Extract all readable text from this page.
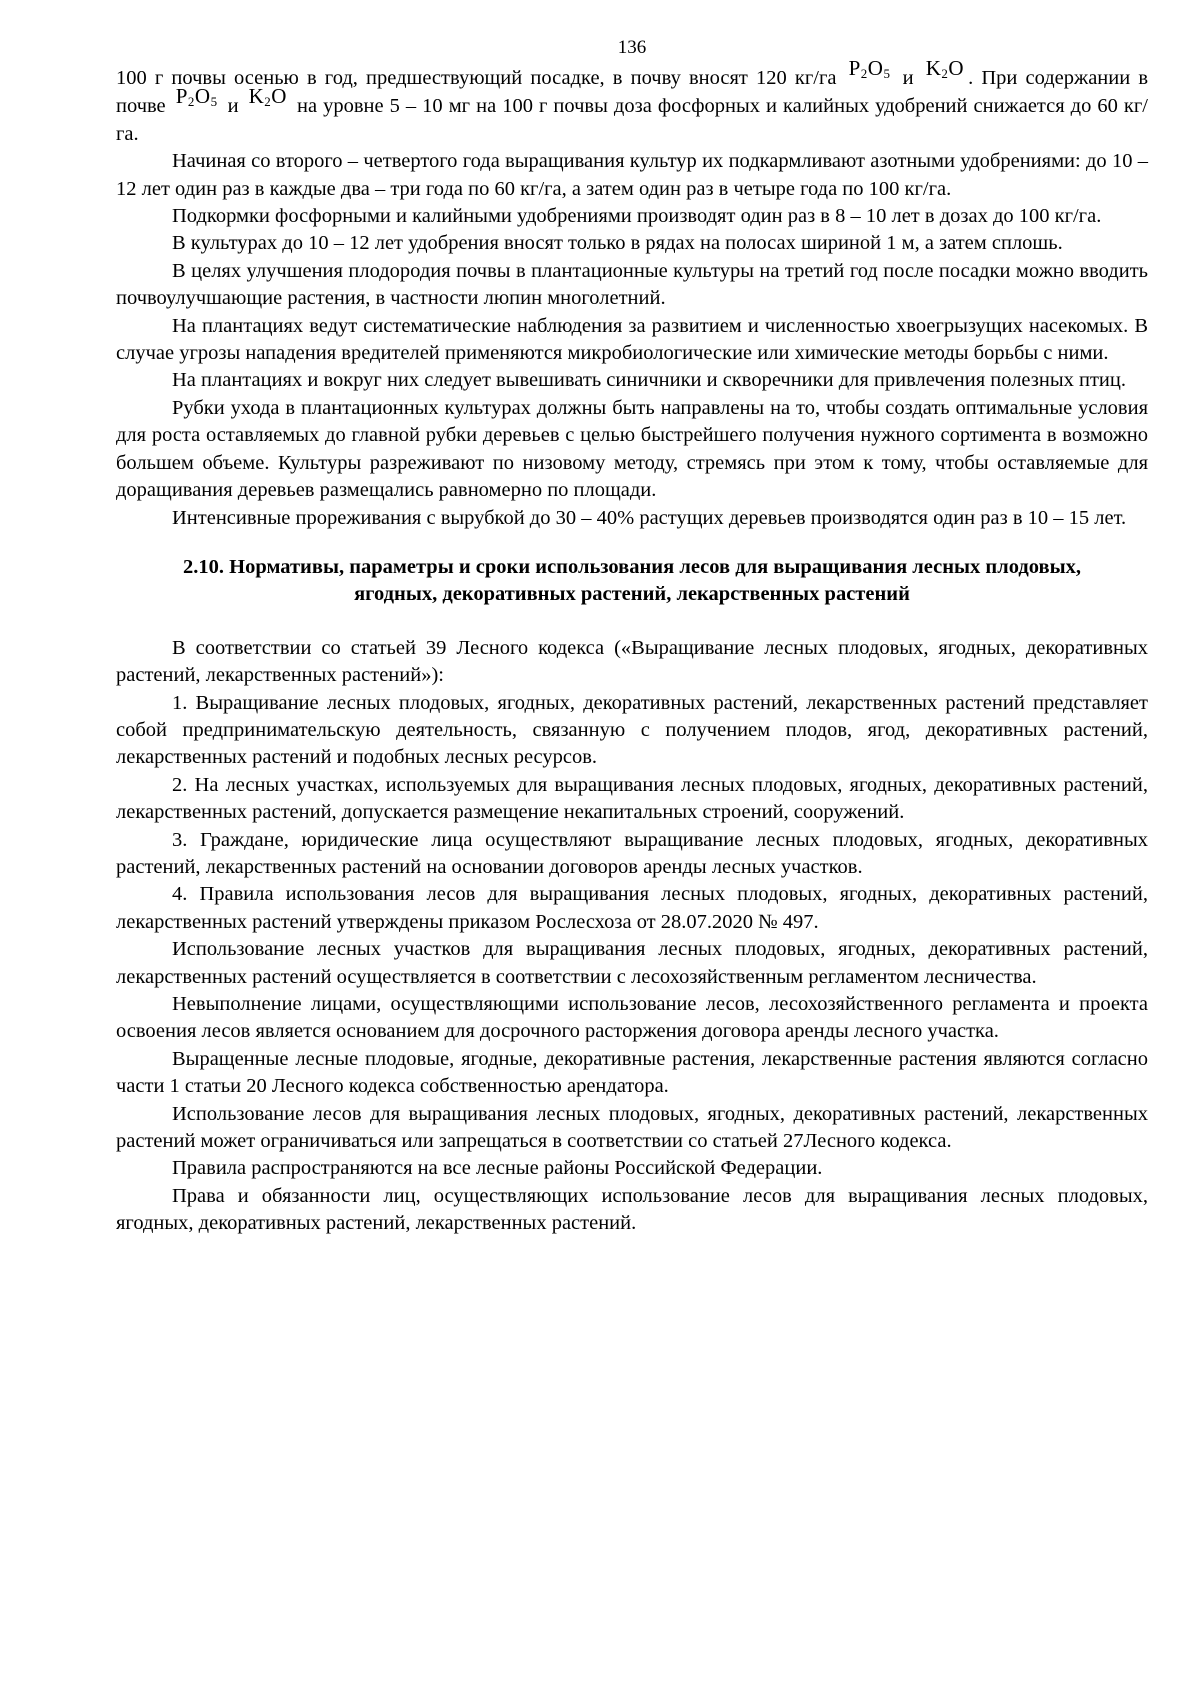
136

100 г почвы осенью в год, предшествующий посадке, в почву вносят 120 кг/га $P_2O_5$ и $K_2O$ . При содержании в почве $P_2O_5$ и $K_2O$ на уровне 5 – 10 мг на 100 г почвы доза фосфорных и калийных удобрений снижается до 60 кг/га.

Начиная со второго – четвертого года выращивания культур их подкармливают азотными удобрениями: до 10 – 12 лет один раз в каждые два – три года по 60 кг/га, а затем один раз в четыре года по 100 кг/га.

Подкормки фосфорными и калийными удобрениями производят один раз в 8 – 10 лет в дозах до 100 кг/га.

В культурах до 10 – 12 лет удобрения вносят только в рядах на полосах шириной 1 м, а затем сплошь.

В целях улучшения плодородия почвы в плантационные культуры на третий год после посадки можно вводить почвоулучшающие растения, в частности люпин многолетний.

На плантациях ведут систематические наблюдения за развитием и численностью хвоегрызущих насекомых. В случае угрозы нападения вредителей применяются микробиологические или химические методы борьбы с ними.

На плантациях и вокруг них следует вывешивать синичники и скворечники для привлечения полезных птиц.

Рубки ухода в плантационных культурах должны быть направлены на то, чтобы создать оптимальные условия для роста оставляемых до главной рубки деревьев с целью быстрейшего получения нужного сортимента в возможно большем объеме. Культуры разреживают по низовому методу, стремясь при этом к тому, чтобы оставляемые для доращивания деревьев размещались равномерно по площади.

Интенсивные прореживания с вырубкой до 30 – 40% растущих деревьев производятся один раз в 10 – 15 лет.

2.10. Нормативы, параметры и сроки использования лесов для выращивания лесных плодовых, ягодных, декоративных растений, лекарственных растений

В соответствии со статьей 39 Лесного кодекса («Выращивание лесных плодовых, ягодных, декоративных растений, лекарственных растений»):

1. Выращивание лесных плодовых, ягодных, декоративных растений, лекарственных растений представляет собой предпринимательскую деятельность, связанную с получением плодов, ягод, декоративных растений, лекарственных растений и подобных лесных ресурсов.

2. На лесных участках, используемых для выращивания лесных плодовых, ягодных, декоративных растений, лекарственных растений, допускается размещение некапитальных строений, сооружений.

3. Граждане, юридические лица осуществляют выращивание лесных плодовых, ягодных, декоративных растений, лекарственных растений на основании договоров аренды лесных участков.

4. Правила использования лесов для выращивания лесных плодовых, ягодных, декоративных растений, лекарственных растений утверждены приказом Рослесхоза от 28.07.2020 № 497.

Использование лесных участков для выращивания лесных плодовых, ягодных, декоративных растений, лекарственных растений осуществляется в соответствии с лесохозяйственным регламентом лесничества.

Невыполнение лицами, осуществляющими использование лесов, лесохозяйственного регламента и проекта освоения лесов является основанием для досрочного расторжения договора аренды лесного участка.

Выращенные лесные плодовые, ягодные, декоративные растения, лекарственные растения являются согласно части 1 статьи 20 Лесного кодекса собственностью арендатора.

Использование лесов для выращивания лесных плодовых, ягодных, декоративных растений, лекарственных растений может ограничиваться или запрещаться в соответствии со статьей 27Лесного кодекса.

Правила распространяются на все лесные районы Российской Федерации.

Права и обязанности лиц, осуществляющих использование лесов для выращивания лесных плодовых, ягодных, декоративных растений, лекарственных растений.
